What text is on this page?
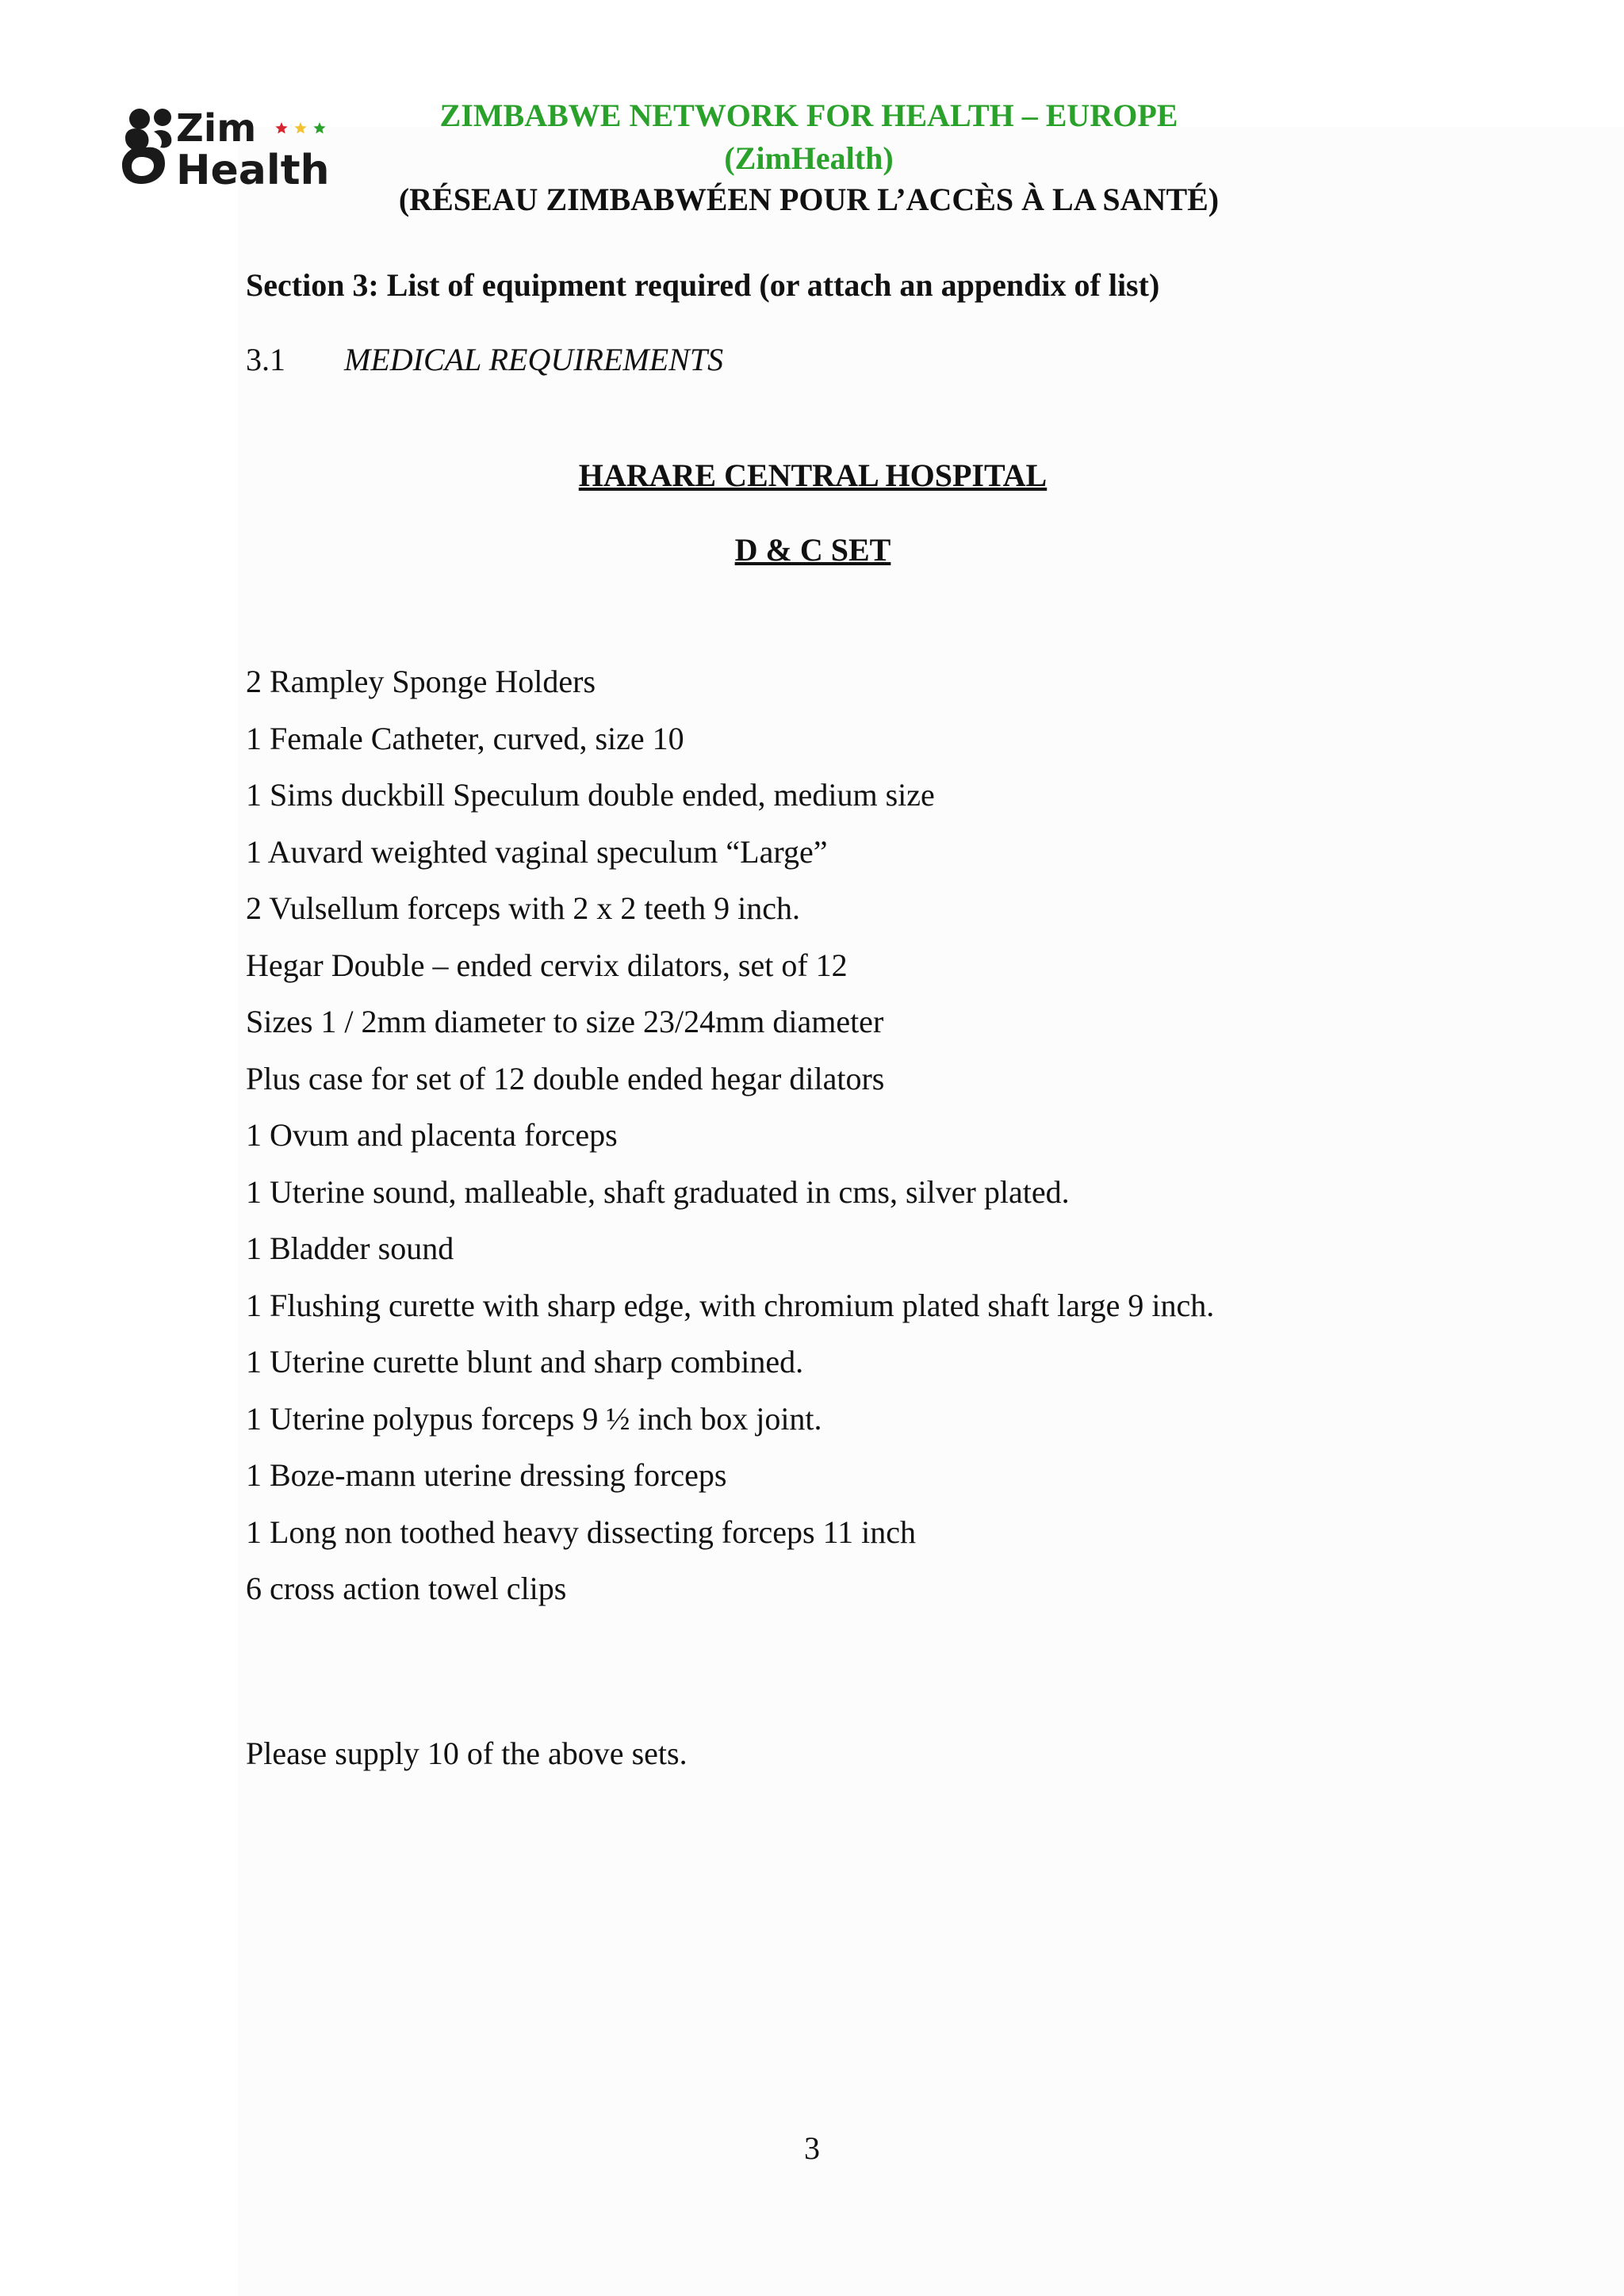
Zim
Health
ZIMBABWE NETWORK FOR HEALTH – EUROPE
(ZimHealth)
(RÉSEAU ZIMBABWÉEN POUR L’ACCÈS À LA SANTÉ)
Section 3: List of equipment required (or attach an appendix of list)
3.1 MEDICAL REQUIREMENTS
HARARE CENTRAL HOSPITAL
D & C SET
2 Rampley Sponge Holders
1 Female Catheter, curved, size 10
1 Sims duckbill Speculum double ended, medium size
1 Auvard weighted vaginal speculum “Large”
2 Vulsellum forceps with 2 x 2 teeth 9 inch.
Hegar Double – ended cervix dilators, set of 12
Sizes 1 / 2mm diameter to size 23/24mm diameter
Plus case for set of 12 double ended hegar dilators
1 Ovum and placenta forceps
1 Uterine sound, malleable, shaft graduated in cms, silver plated.
1 Bladder sound
1 Flushing curette with sharp edge, with chromium plated shaft large 9 inch.
1 Uterine curette blunt and sharp combined.
1 Uterine polypus forceps 9 ½ inch box joint.
1 Boze-mann uterine dressing forceps
1 Long non toothed heavy dissecting forceps 11 inch
6 cross action towel clips
Please supply 10 of the above sets.
3
